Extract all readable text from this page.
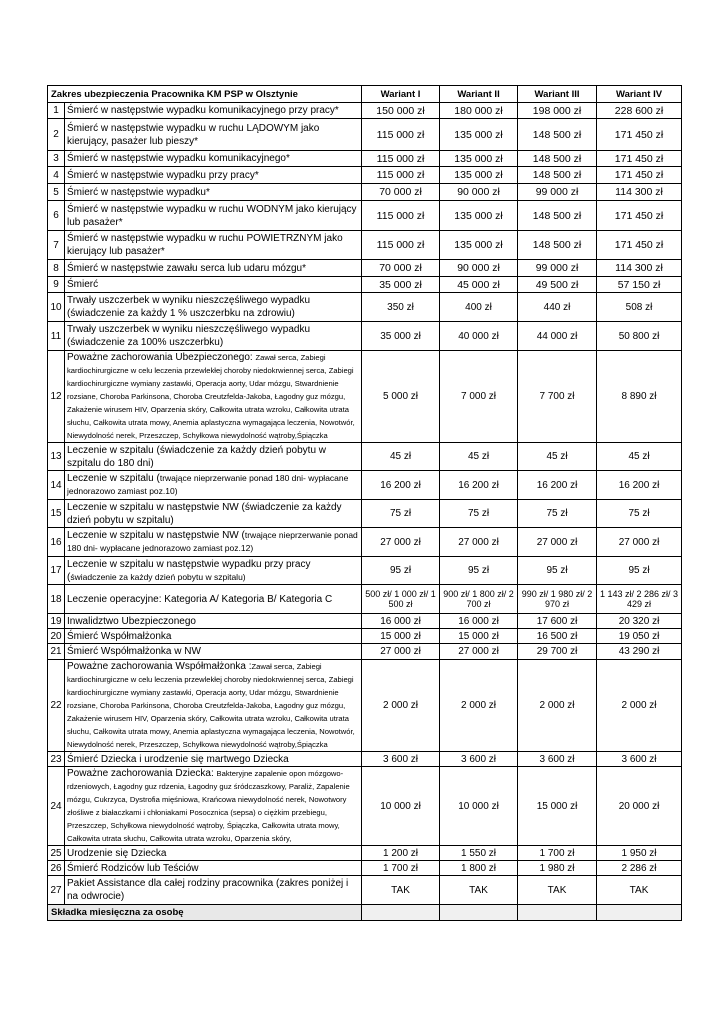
Zakres ubezpieczenia Pracownika KM PSP w Olsztynie		Wariant I	Wariant II	Wariant III	Wariant IV
1	Śmierć w następstwie wypadku komunikacyjnego przy pracy*	150 000 zł	180 000 zł	198 000 zł	228 600 zł
2	Śmierć w następstwie wypadku w ruchu LĄDOWYM jako kierujący, pasażer lub pieszy*	115 000 zł	135 000 zł	148 500 zł	171 450 zł
3	Śmierć w następstwie wypadku komunikacyjnego*	115 000 zł	135 000 zł	148 500 zł	171 450 zł
4	Śmierć w następstwie wypadku przy pracy*	115 000 zł	135 000 zł	148 500 zł	171 450 zł
5	Śmierć w następstwie wypadku*	70 000 zł	90 000 zł	99 000 zł	114 300 zł
6	Śmierć w następstwie wypadku w ruchu WODNYM jako kierujący lub pasażer*	115 000 zł	135 000 zł	148 500 zł	171 450 zł
7	Śmierć w następstwie wypadku w ruchu POWIETRZNYM jako kierujący lub pasażer*	115 000 zł	135 000 zł	148 500 zł	171 450 zł
8	Śmierć w następstwie zawału serca lub udaru mózgu*	70 000 zł	90 000 zł	99 000 zł	114 300 zł
9	Śmierć	35 000 zł	45 000 zł	49 500 zł	57 150 zł
10	Trwały uszczerbek w wyniku nieszczęśliwego wypadku (świadczenie za każdy 1 % uszczerbku na zdrowiu)	350 zł	400 zł	440 zł	508 zł
11	Trwały uszczerbek w wyniku nieszczęśliwego wypadku (świadczenie za 100% uszczerbku)	35 000 zł	40 000 zł	44 000 zł	50 800 zł
12	Poważne zachorowania Ubezpieczonego: Zawał serca, Zabiegi kardiochirurgiczne w celu leczenia przewlekłej choroby niedokrwiennej serca, Zabiegi kardiochirurgiczne wymiany zastawki, Operacja aorty, Udar mózgu, Stwardnienie rozsiane, Choroba Parkinsona, Choroba Creutzfelda-Jakoba, Łagodny guz mózgu, Zakażenie wirusem HIV, Oparzenia skóry, Całkowita utrata wzroku, Całkowita utrata słuchu, Całkowita utrata mowy, Anemia aplastyczna wymagająca leczenia, Nowotwór, Niewydolność nerek, Przeszczep, Schyłkowa niewydolność wątroby,Śpiączka	5 000 zł	7 000 zł	7 700 zł	8 890 zł
13	Leczenie w szpitalu (świadczenie za każdy dzień pobytu w szpitalu do 180 dni)	45 zł	45 zł	45 zł	45 zł
14	Leczenie w szpitalu (trwające nieprzerwanie ponad 180 dni- wypłacane jednorazowo zamiast poz.10)	16 200 zł	16 200 zł	16 200 zł	16 200 zł
15	Leczenie w szpitalu w następstwie NW (świadczenie za każdy dzień pobytu w szpitalu)	75 zł	75 zł	75 zł	75 zł
16	Leczenie w szpitalu w następstwie NW (trwające nieprzerwanie ponad 180 dni- wypłacane jednorazowo zamiast poz.12)	27 000 zł	27 000 zł	27 000 zł	27 000 zł
17	Leczenie w szpitalu w następstwie wypadku przy pracy (świadczenie za każdy dzień pobytu w szpitalu)	95 zł	95 zł	95 zł	95 zł
18	Leczenie operacyjne: Kategoria A/ Kategoria B/ Kategoria C	500 zł/ 1 000 zł/ 1 500 zł	900 zł/ 1 800 zł/ 2 700 zł	990 zł/ 1 980 zł/ 2 970 zł	1 143 zł/ 2 286 zł/ 3 429 zł
19	Inwalidztwo Ubezpieczonego	16 000 zł	16 000 zł	17 600 zł	20 320 zł
20	Śmierć Współmałżonka	15 000 zł	15 000 zł	16 500 zł	19 050 zł
21	Śmierć Współmałżonka w NW	27 000 zł	27 000 zł	29 700 zł	43 290 zł
22	Poważne zachorowania Współmałżonka :Zawał serca, Zabiegi kardiochirurgiczne w celu leczenia przewlekłej choroby niedokrwiennej serca, Zabiegi kardiochirurgiczne wymiany zastawki, Operacja aorty, Udar mózgu, Stwardnienie rozsiane, Choroba Parkinsona, Choroba Creutzfelda-Jakoba, Łagodny guz mózgu, Zakażenie wirusem HIV, Oparzenia skóry, Całkowita utrata wzroku, Całkowita utrata słuchu, Całkowita utrata mowy, Anemia aplastyczna wymagająca leczenia, Nowotwór, Niewydolność nerek, Przeszczep, Schyłkowa niewydolność wątroby,Śpiączka	2 000 zł	2 000 zł	2 000 zł	2 000 zł
23	Śmierć Dziecka i urodzenie się martwego Dziecka	3 600 zł	3 600 zł	3 600 zł	3 600 zł
24	Poważne zachorowania Dziecka: Bakteryjne zapalenie opon mózgowo-rdzeniowych, Łagodny guz rdzenia, Łagodny guz śródczaszkowy, Paraliż, Zapalenie mózgu, Cukrzyca, Dystrofia mięśniowa, Krańcowa niewydolność nerek, Nowotwory złośliwe z białaczkami i chłoniakami Posocznica (sepsa) o ciężkim przebiegu, Przeszczep, Schyłkowa niewydolność wątroby, Śpiączka, Całkowita utrata mowy, Całkowita utrata słuchu, Całkowita utrata wzroku, Oparzenia skóry,	10 000 zł	10 000 zł	15 000 zł	20 000 zł
25	Urodzenie się Dziecka	1 200 zł	1 550 zł	1 700 zł	1 950 zł
26	Śmierć Rodziców lub Teściów	1 700 zł	1 800 zł	1 980 zł	2 286 zł
27	Pakiet Assistance dla całej rodziny pracownika (zakres poniżej i na odwrocie)	TAK	TAK	TAK	TAK
Składka miesięczna za osobę					
